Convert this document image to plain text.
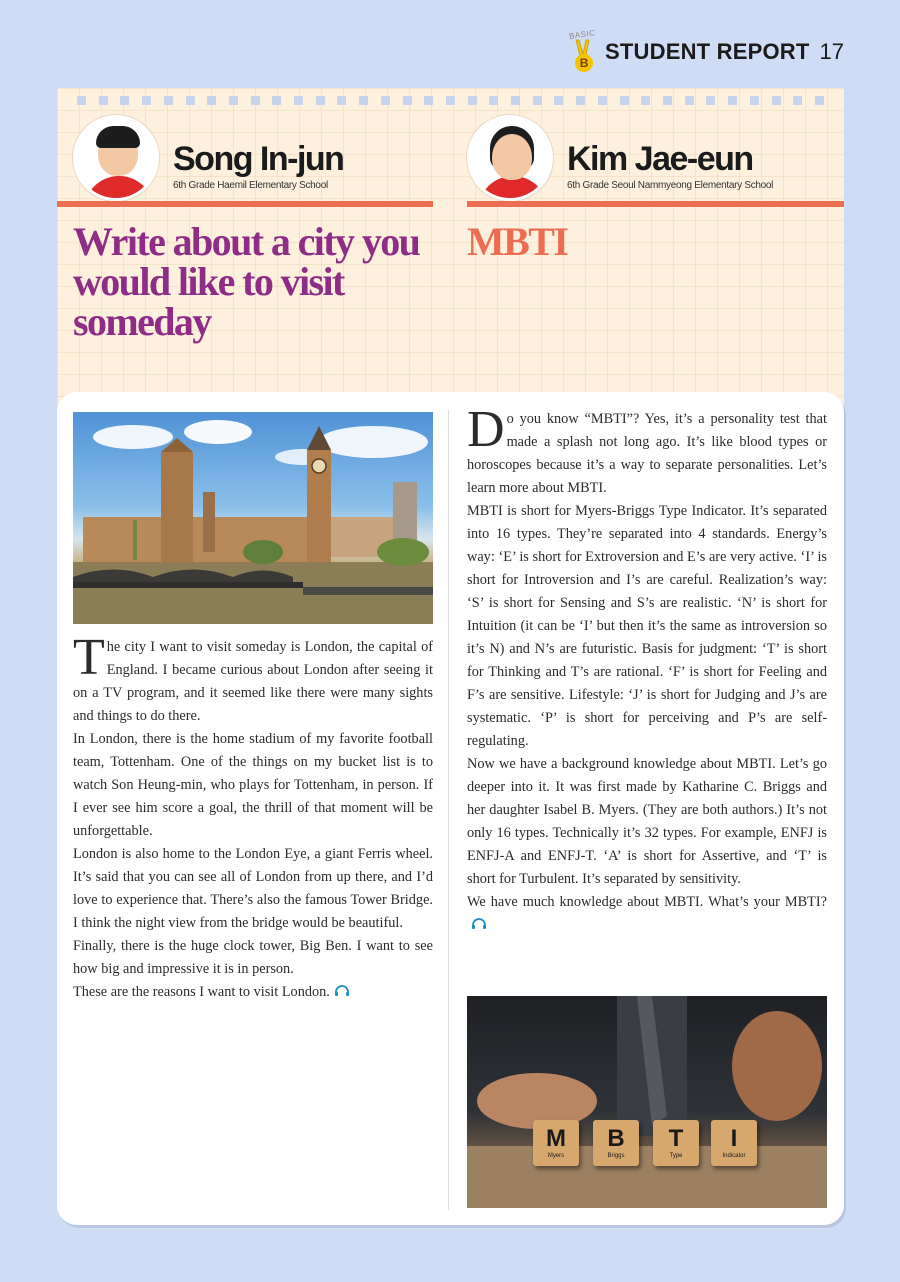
BASIC
B STUDENT REPORT 17
Song In-jun
6th Grade Haemil Elementary School
Kim Jae-eun
6th Grade Seoul Nammyeong Elementary School
Write about a city you would like to visit someday
MBTI

The city I want to visit someday is London, the capital of England. I became curious about London after seeing it on a TV program, and it seemed like there were many sights and things to do there.

In London, there is the home stadium of my favorite football team, Tottenham. One of the things on my bucket list is to watch Son Heung-min, who plays for Tottenham, in person. If I ever see him score a goal, the thrill of that moment will be unforgettable.

London is also home to the London Eye, a giant Ferris wheel. It’s said that you can see all of London from up there, and I’d love to experience that. There’s also the famous Tower Bridge. I think the night view from the bridge would be beautiful.

Finally, there is the huge clock tower, Big Ben. I want to see how big and impressive it is in person.

These are the reasons I want to visit London.

Do you know “MBTI”? Yes, it’s a personality test that made a splash not long ago. It’s like blood types or horoscopes because it’s a way to separate personalities. Let’s learn more about MBTI.

MBTI is short for Myers-Briggs Type Indicator. It’s separated into 16 types. They’re separated into 4 standards. Energy’s way: ‘E’ is short for Extroversion and E’s are very active. ‘I’ is short for Introversion and I’s are careful. Realization’s way: ‘S’ is short for Sensing and S’s are realistic. ‘N’ is short for Intuition (it can be ‘I’ but then it’s the same as introversion so it’s N) and N’s are futuristic. Basis for judgment: ‘T’ is short for Thinking and T’s are rational. ‘F’ is short for Feeling and F’s are sensitive. Lifestyle: ‘J’ is short for Judging and J’s are systematic. ‘P’ is short for perceiving and P’s are self-regulating.

Now we have a background knowledge about MBTI. Let’s go deeper into it. It was first made by Katharine C. Briggs and her daughter Isabel B. Myers. (They are both authors.) It’s not only 16 types. Technically it’s 32 types. For example, ENFJ is ENFJ-A and ENFJ-T. ‘A’ is short for Assertive, and ‘T’ is short for Turbulent. It’s separated by sensitivity.

We have much knowledge about MBTI. What’s your MBTI?

M
Myers
B
Briggs
T
Type
I
Indicator
